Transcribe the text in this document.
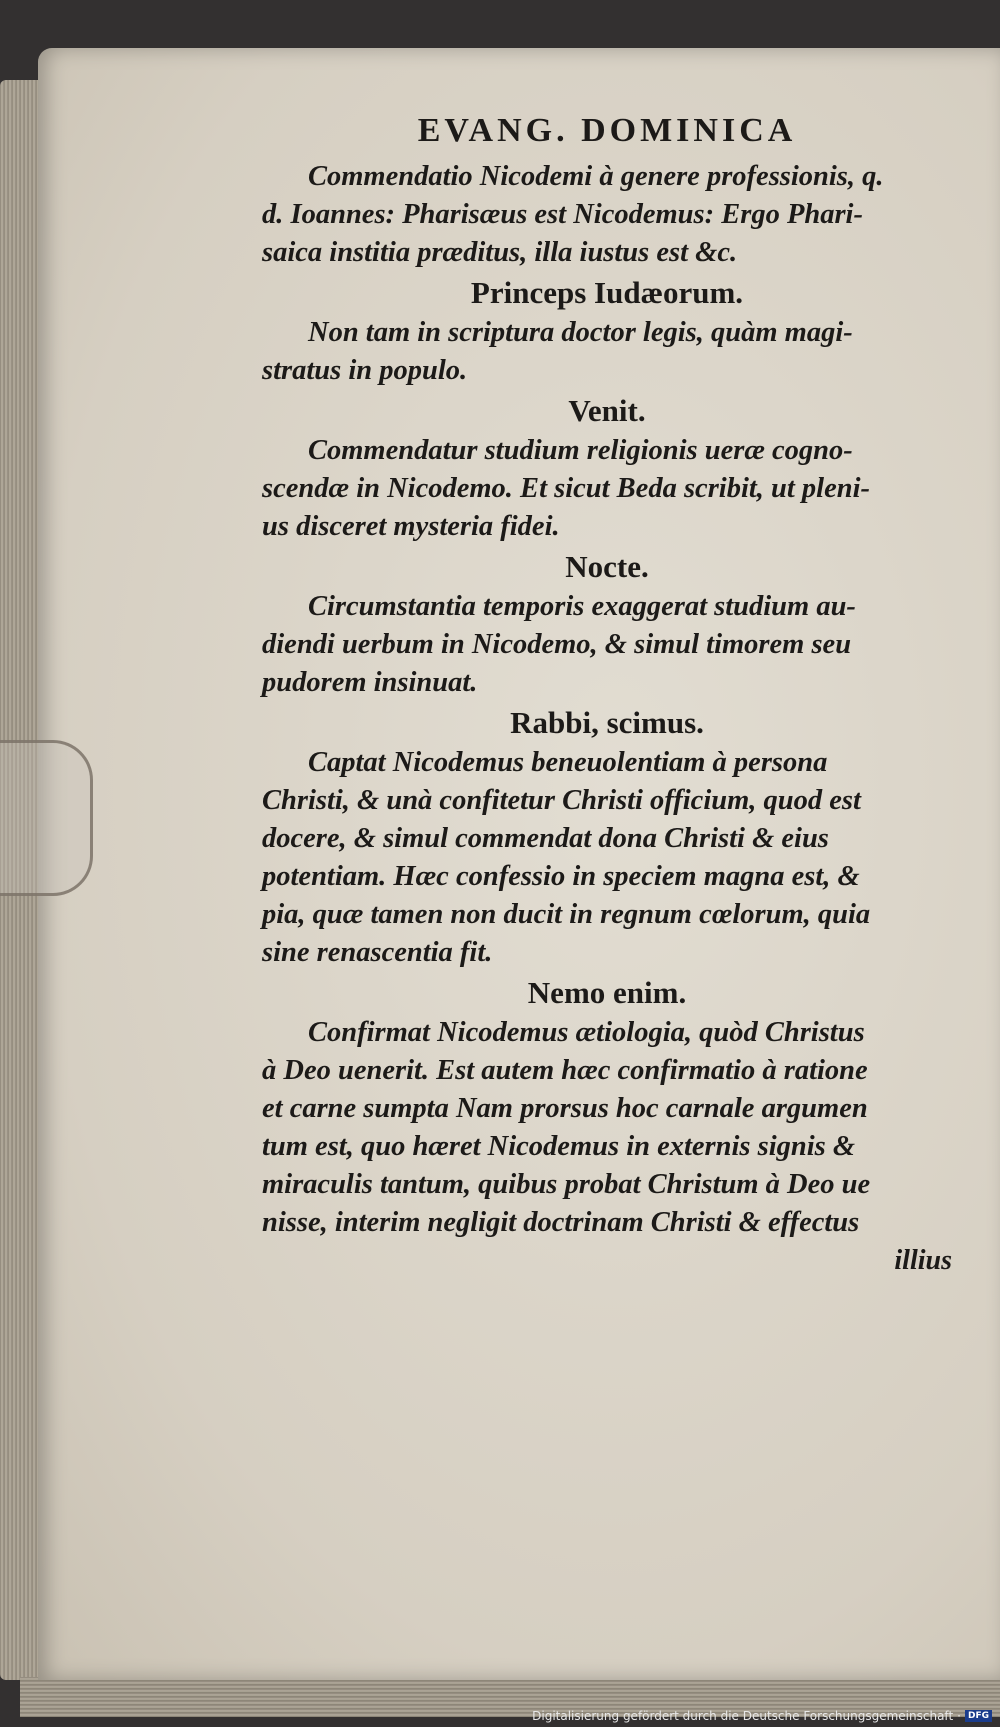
EVANG. DOMINICA

Commendatio Nicodemi à genere professionis, q.
d. Ioannes: Pharisæus est Nicodemus: Ergo Phari-
saica institia præditus, illa iustus est &c.

Princeps Iudæorum.

Non tam in scriptura doctor legis, quàm magi-
stratus in populo.

Venit.

Commendatur studium religionis ueræ cogno-
scendæ in Nicodemo. Et sicut Beda scribit, ut pleni-
us disceret mysteria fidei.

Nocte.

Circumstantia temporis exaggerat studium au-
diendi uerbum in Nicodemo, & simul timorem seu
pudorem insinuat.

Rabbi, scimus.

Captat Nicodemus beneuolentiam à persona
Christi, & unà confitetur Christi officium, quod est
docere, & simul commendat dona Christi & eius
potentiam. Hæc confessio in speciem magna est, &
pia, quæ tamen non ducit in regnum cœlorum, quia
sine renascentia fit.

Nemo enim.

Confirmat Nicodemus ætiologia, quòd Christus
à Deo uenerit. Est autem hæc confirmatio à ratione
et carne sumpta Nam prorsus hoc carnale argumen
tum est, quo hæret Nicodemus in externis signis &
miraculis tantum, quibus probat Christum à Deo ue
nisse, interim negligit doctrinam Christi & effectus

illius

Digitalisierung gefördert durch die Deutsche Forschungsgemeinschaft · DFG
